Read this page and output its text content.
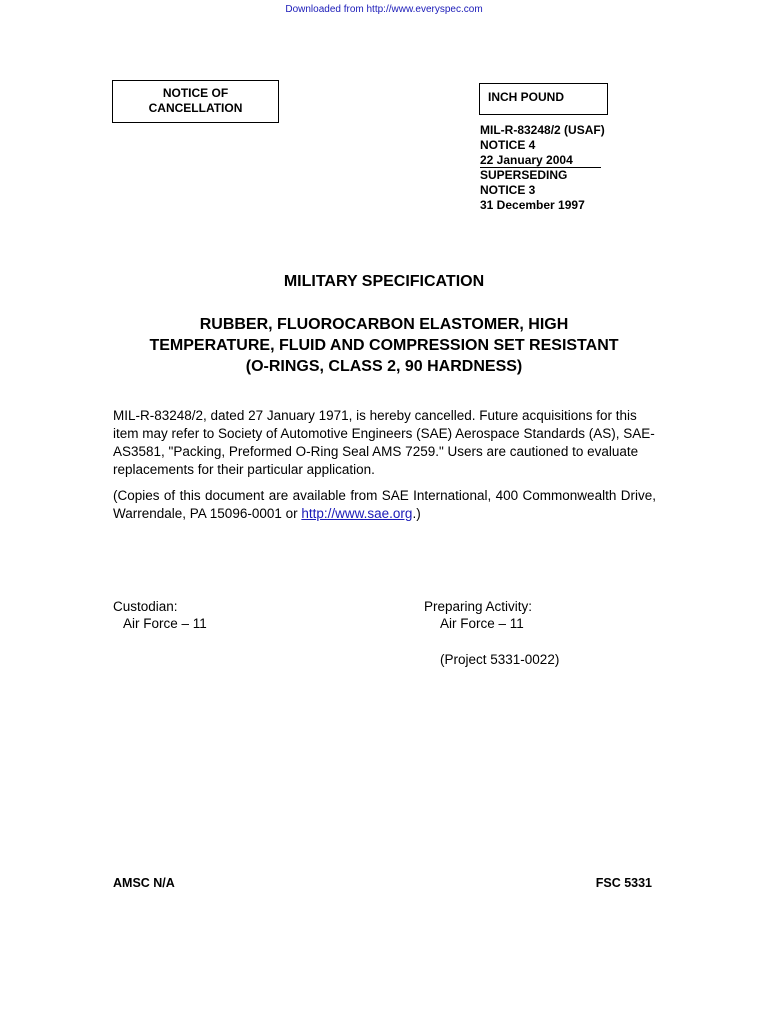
Downloaded from http://www.everyspec.com
NOTICE OF
CANCELLATION
INCH POUND
MIL-R-83248/2 (USAF)
NOTICE 4
22 January 2004
SUPERSEDING
NOTICE 3
31 December 1997
MILITARY SPECIFICATION
RUBBER, FLUOROCARBON ELASTOMER, HIGH
TEMPERATURE, FLUID AND COMPRESSION SET RESISTANT
(O-RINGS, CLASS 2, 90 HARDNESS)
MIL-R-83248/2, dated 27 January 1971, is hereby cancelled. Future acquisitions for this item may refer to Society of Automotive Engineers (SAE) Aerospace Standards (AS), SAE-AS3581, "Packing, Preformed O-Ring Seal AMS 7259." Users are cautioned to evaluate replacements for their particular application.
(Copies of this document are available from SAE International, 400 Commonwealth Drive, Warrendale, PA 15096-0001 or http://www.sae.org.)
Custodian:
Air Force – 11
Preparing Activity:
Air Force – 11
(Project 5331-0022)
AMSC N/A	FSC 5331
